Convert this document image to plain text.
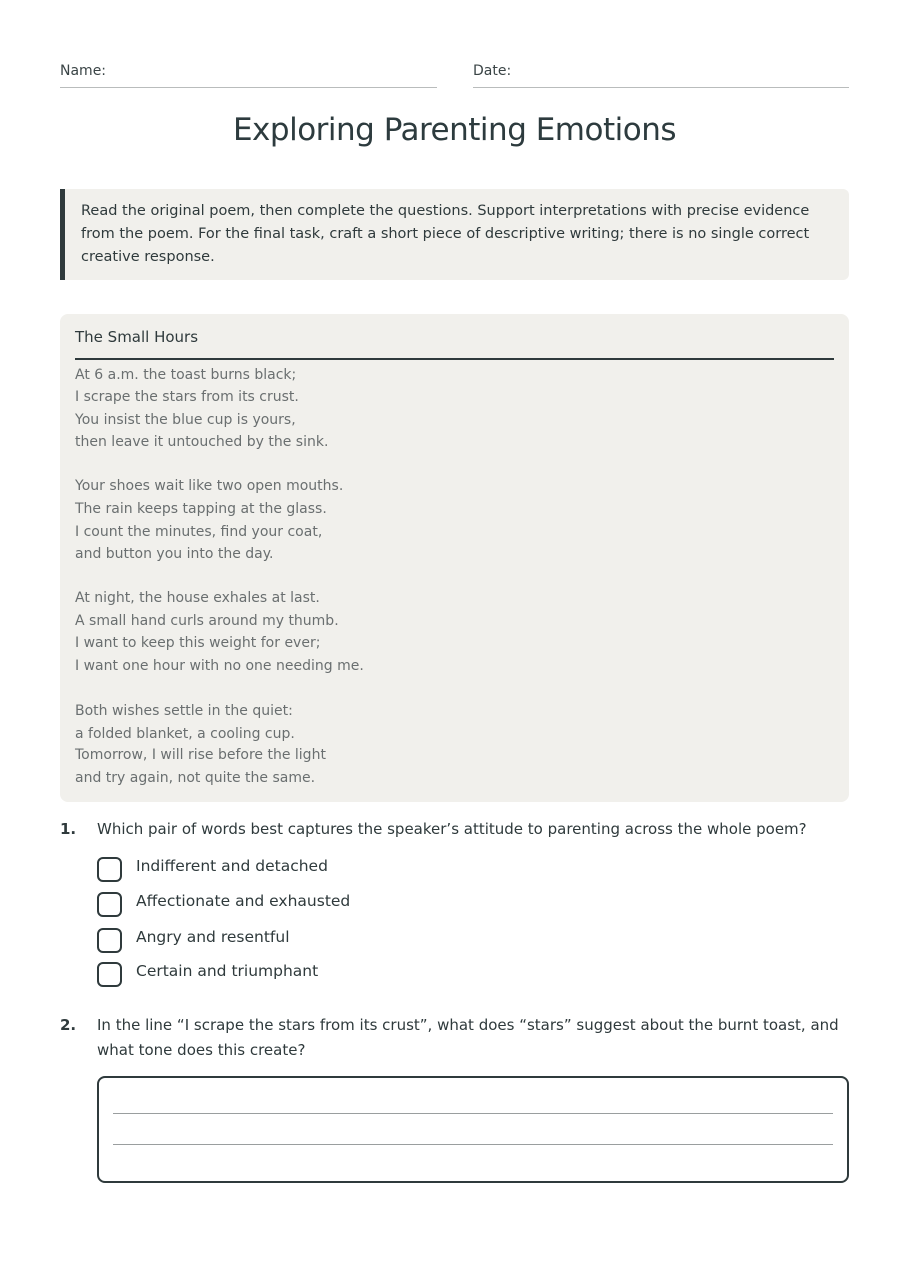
Name:	Date:
Exploring Parenting Emotions
Read the original poem, then complete the questions. Support interpretations with precise evidence from the poem. For the final task, craft a short piece of descriptive writing; there is no single correct creative response.
The Small Hours
At 6 a.m. the toast burns black;
I scrape the stars from its crust.
You insist the blue cup is yours,
then leave it untouched by the sink.
Your shoes wait like two open mouths.
The rain keeps tapping at the glass.
I count the minutes, find your coat,
and button you into the day.
At night, the house exhales at last.
A small hand curls around my thumb.
I want to keep this weight for ever;
I want one hour with no one needing me.
Both wishes settle in the quiet:
a folded blanket, a cooling cup.
Tomorrow, I will rise before the light
and try again, not quite the same.
1. Which pair of words best captures the speaker’s attitude to parenting across the whole poem?
Indifferent and detached
Affectionate and exhausted
Angry and resentful
Certain and triumphant
2. In the line “I scrape the stars from its crust”, what does “stars” suggest about the burnt toast, and what tone does this create?
